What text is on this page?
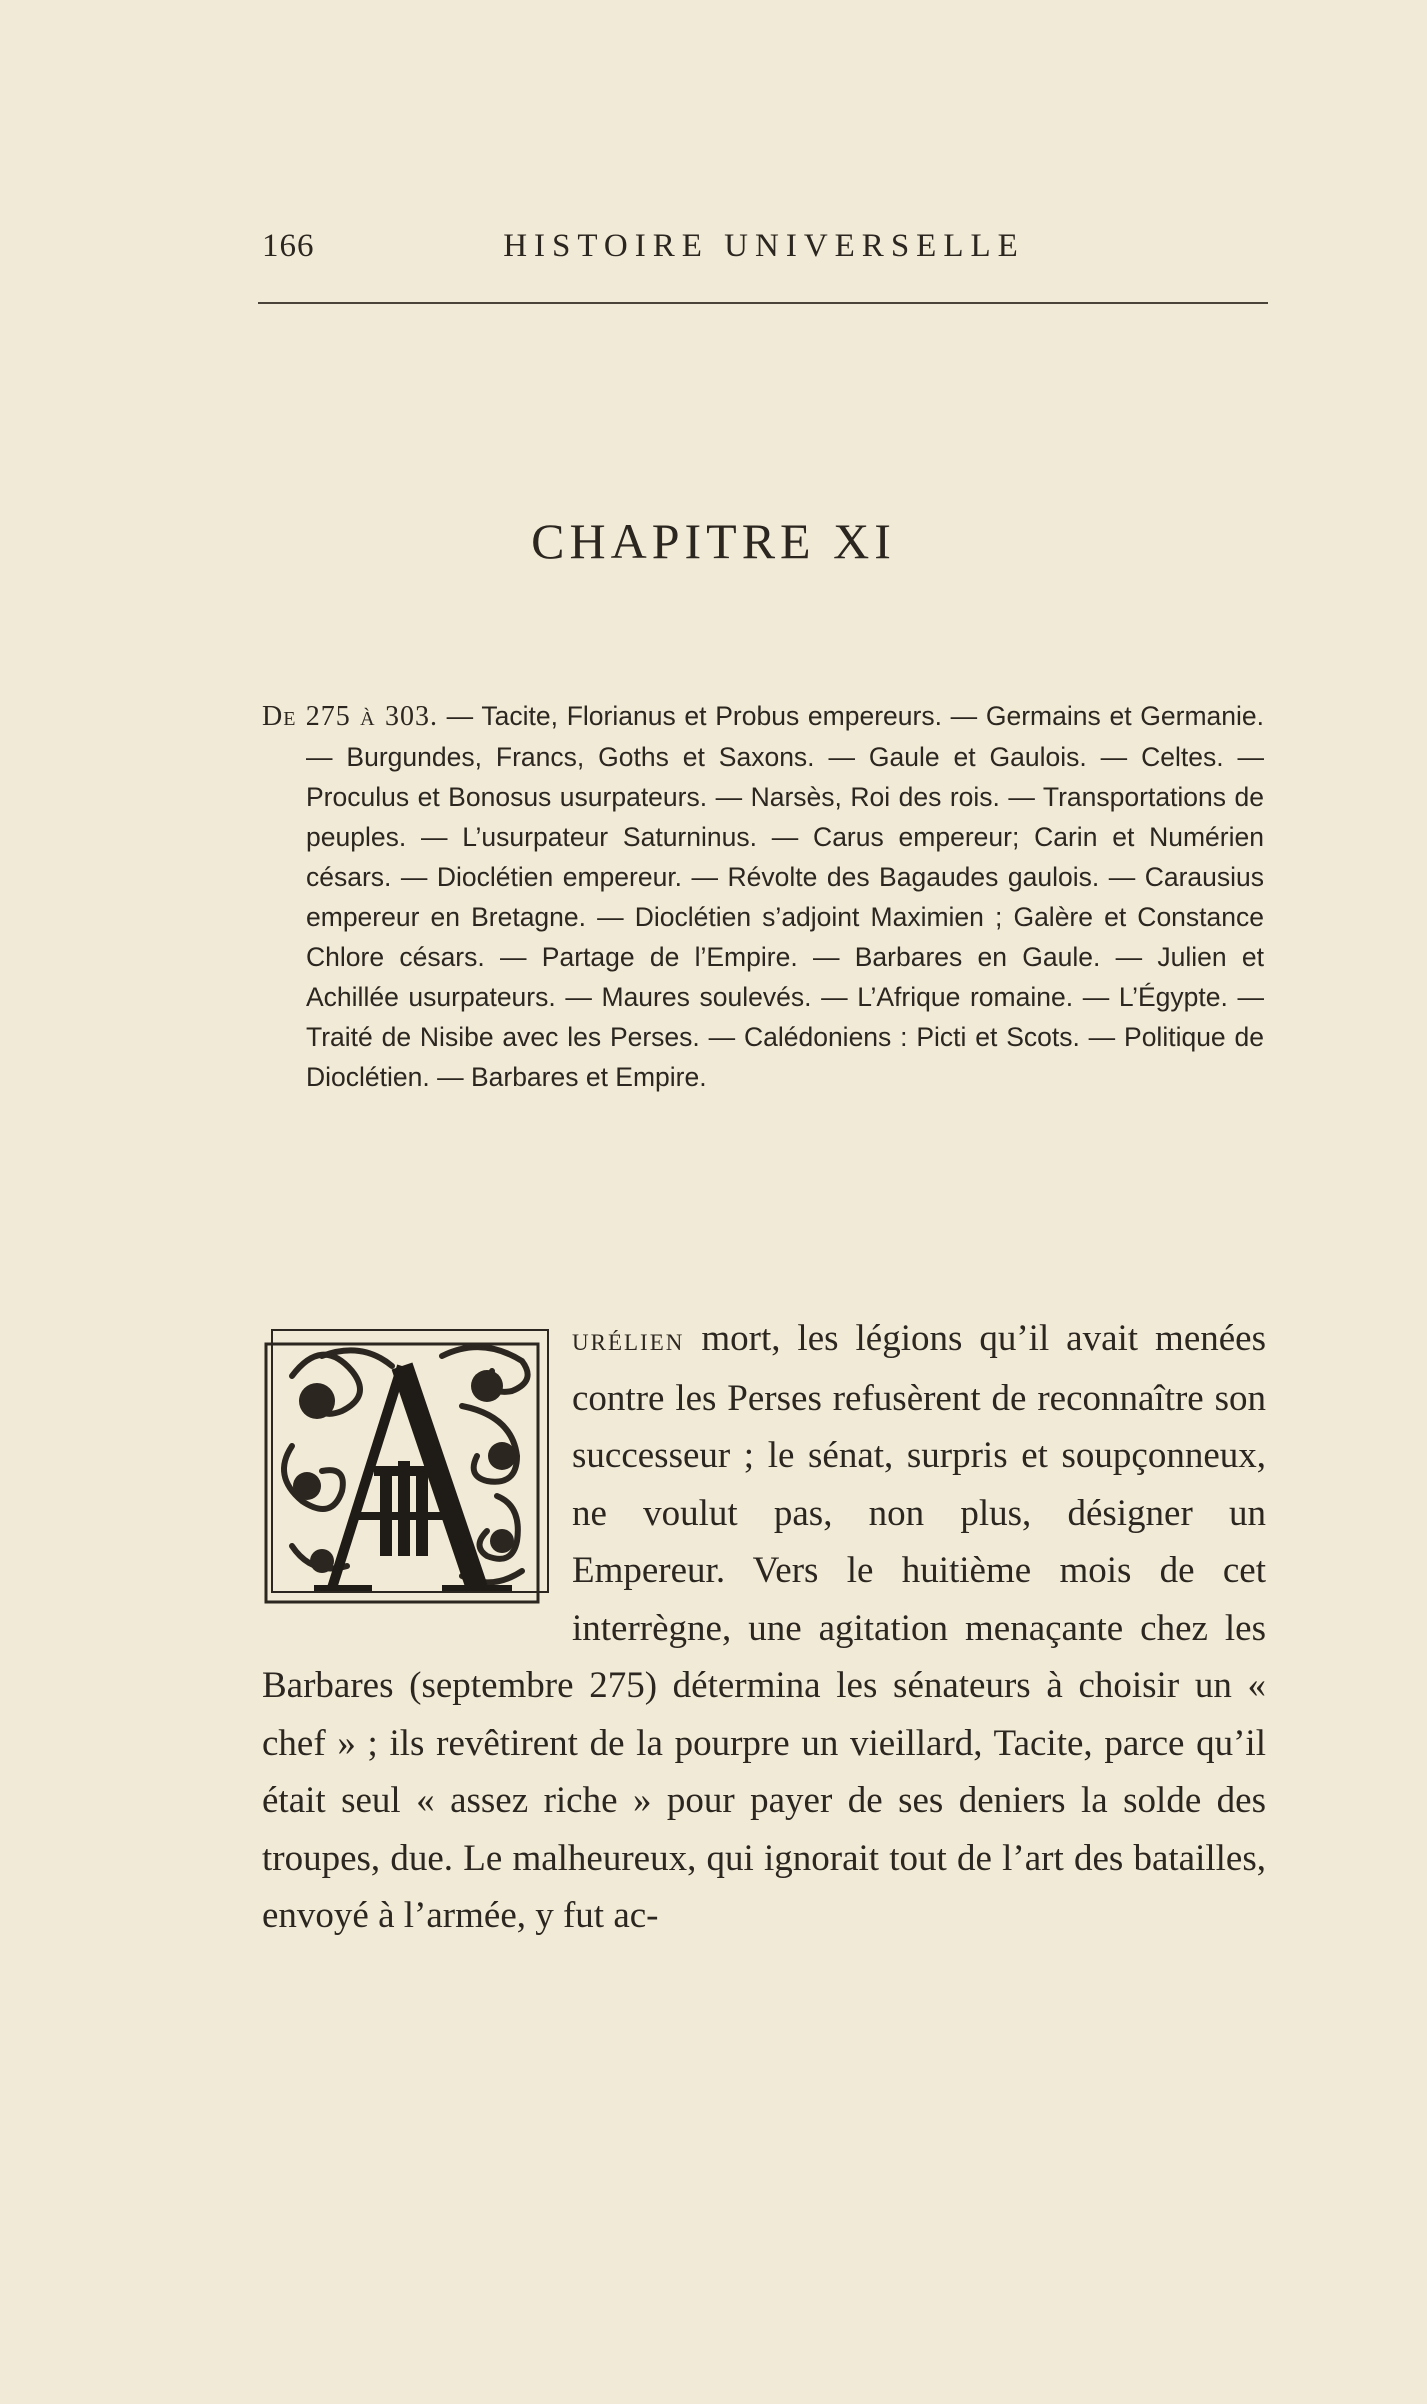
166	HISTOIRE UNIVERSELLE
CHAPITRE XI
De 275 à 303. — Tacite, Florianus et Probus empereurs. — Germains et Germanie. — Burgundes, Francs, Goths et Saxons. — Gaule et Gaulois. — Celtes. — Proculus et Bonosus usurpateurs. — Narsès, Roi des rois. — Transportations de peuples. — L’usurpateur Saturninus. — Carus empereur; Carin et Numérien césars. — Dioclétien empereur. — Révolte des Bagaudes gaulois. — Carausius empereur en Bretagne. — Dioclétien s’adjoint Maximien ; Galère et Constance Chlore césars. — Partage de l’Empire. — Barbares en Gaule. — Julien et Achillée usurpateurs. — Maures soulevés. — L’Afrique romaine. — L’Égypte. — Traité de Nisibe avec les Perses. — Calédoniens : Picti et Scots. — Politique de Dioclétien. — Barbares et Empire.
urélien mort, les légions qu’il avait menées contre les Perses refusèrent de reconnaître son successeur ; le sénat, surpris et soupçonneux, ne voulut pas, non plus, désigner un Empereur. Vers le huitième mois de cet interrègne, une agitation menaçante chez les Barbares (septembre 275) détermina les sénateurs à choisir un « chef » ; ils revêtirent de la pourpre un vieillard, Tacite, parce qu’il était seul « assez riche » pour payer de ses deniers la solde des troupes, due. Le malheureux, qui ignorait tout de l’art des batailles, envoyé à l’armée, y fut ac-
